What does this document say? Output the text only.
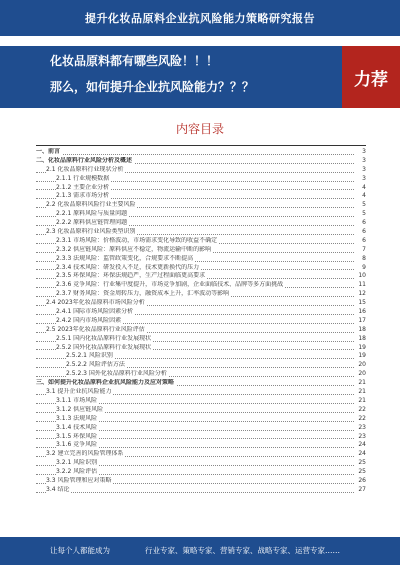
提升化妆品原料企业抗风险能力策略研究报告
化妆品原料都有哪些风险！！！
那么，如何提升企业抗风险能力？？？	力荐
内容目录
一、前言	3
二、化妆品原料行业风险分析及概述	3
2.1 化妆品原料行业现状分析	3
2.1.1 行业规模数据	3
2.1.2 主要企业分析	4
2.1.3 需求市场分析	4
2.2 化妆品原料风险行业主要风险	5
2.2.1 原料风险与质量问题	5
2.2.2 原料供应链管理问题	6
2.3 化妆品原料行业风险类型识别	6
2.3.1 市场风险：价格波动，市场需求变化导致的收益不确定	6
2.3.2 供应链风险：原料供应不稳定，物流运输中断的影响	7
2.3.3 法规风险：监管政策变化，合规要求不断提高	8
2.3.4 技术风险：研发投入不足，技术更新换代的压力	9
2.3.5 环保风险：环保法规趋严，生产过程面临更高要求	10
2.3.6 竞争风险：行业集中度提升，市场竞争加剧，企业面临技术、品牌等多方面挑战	11
2.3.7 财务风险：资金周转压力，融资成本上升，汇率波动等影响	12
2.4 2023年化妆品原料市场风险分析	15
2.4.1 国际市场风险因素分析	16
2.4.2 国内市场风险因素	17
2.5 2023年化妆品原料行业风险评估	18
2.5.1 国内化妆品原料行业发展现状	18
2.5.2 国外化妆品原料行业发展现状	19
2.5.2.1 风险识别	19
2.5.2.2 风险评估方法	20
2.5.2.3 国外化妆品原料行业风险分析	20
三、如何提升化妆品原料企业抗风险能力及应对策略	21
3.1 提升企业抗风险能力	21
3.1.1 市场风险	21
3.1.2 供应链风险	22
3.1.3 法规风险	22
3.1.4 技术风险	23
3.1.5 环保风险	23
3.1.6 竞争风险	24
3.2 建立完善的风险管理体系	24
3.2.1 风险识别	25
3.2.2 风险评估	25
3.3 风险管理和应对策略	26
3.4 结论	27
让每个人都能成为	行业专家、策略专家、营销专家、战略专家、运营专家……
